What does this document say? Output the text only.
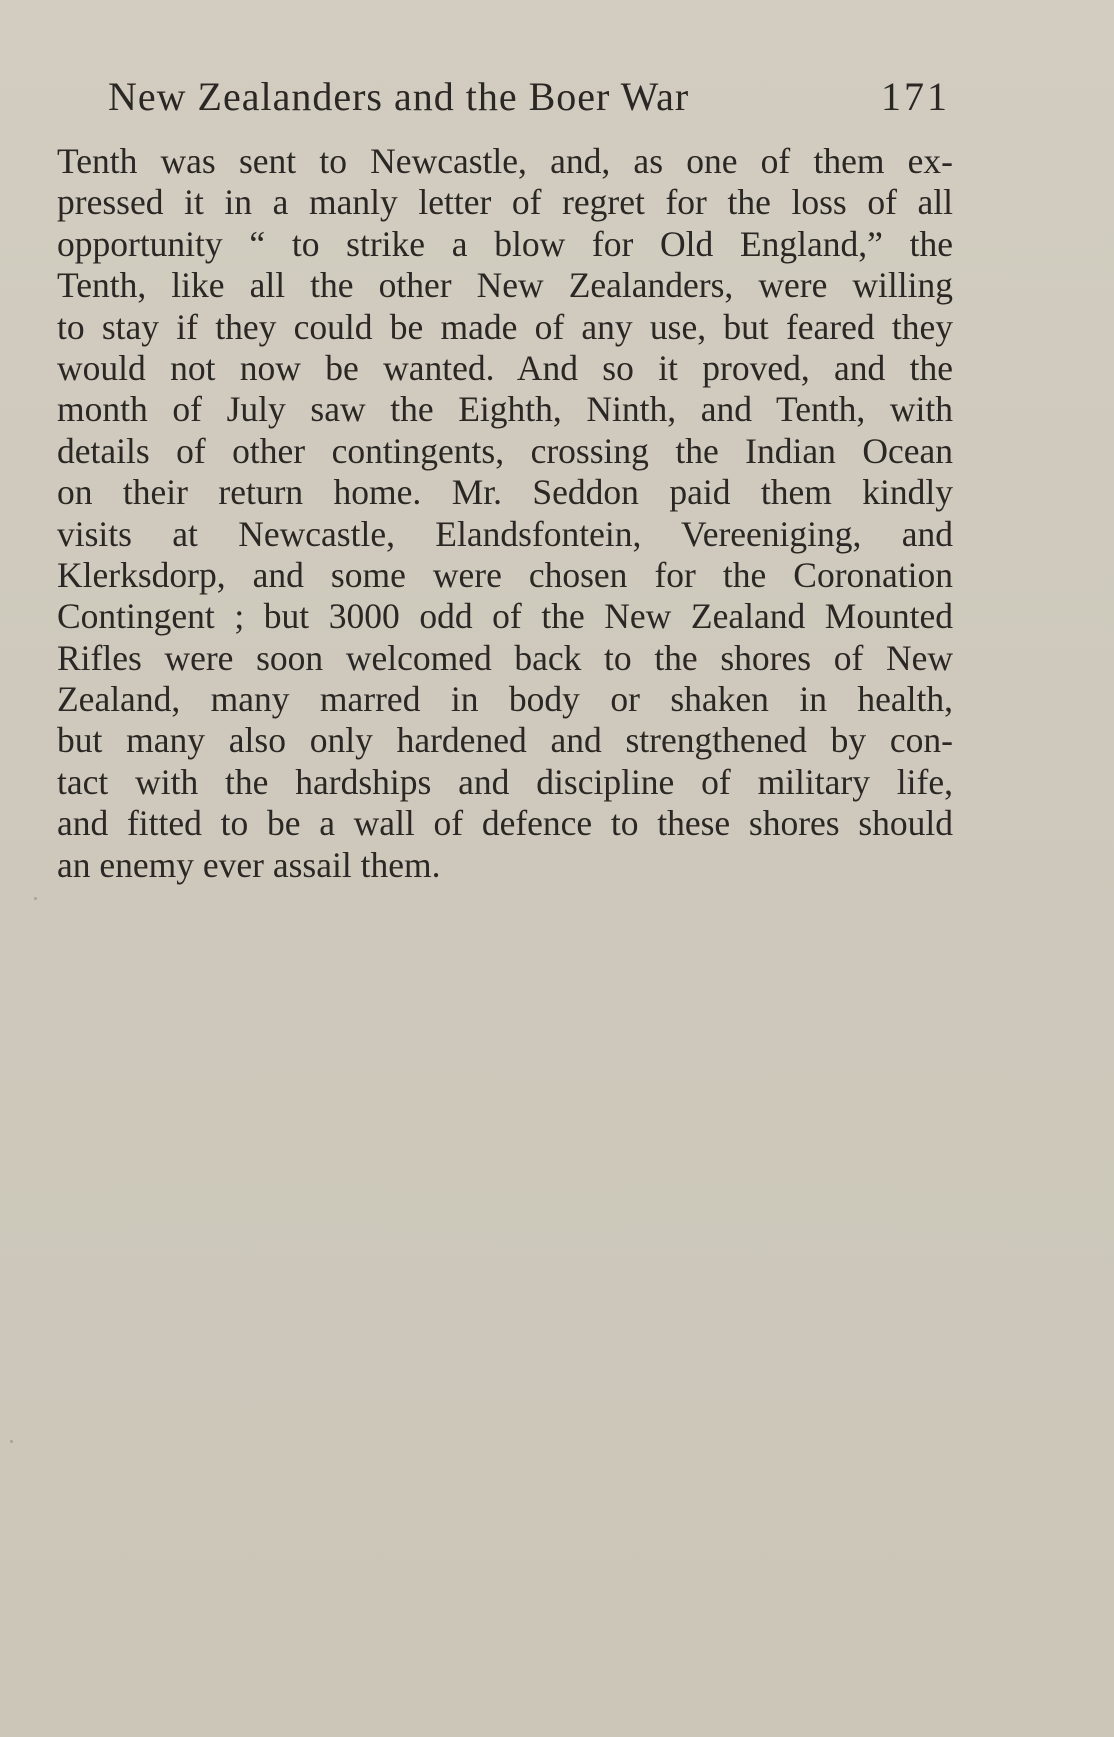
New Zealanders and the Boer War	171

Tenth was sent to Newcastle, and, as one of them ex-
pressed it in a manly letter of regret for the loss of all
opportunity “ to strike a blow for Old England,” the
Tenth, like all the other New Zealanders, were willing
to stay if they could be made of any use, but feared they
would not now be wanted. And so it proved, and the
month of July saw the Eighth, Ninth, and Tenth, with
details of other contingents, crossing the Indian Ocean
on their return home. Mr. Seddon paid them kindly
visits at Newcastle, Elandsfontein, Vereeniging, and
Klerksdorp, and some were chosen for the Coronation
Contingent ; but 3000 odd of the New Zealand Mounted
Rifles were soon welcomed back to the shores of New
Zealand, many marred in body or shaken in health,
but many also only hardened and strengthened by con-
tact with the hardships and discipline of military life,
and fitted to be a wall of defence to these shores should
an enemy ever assail them.
